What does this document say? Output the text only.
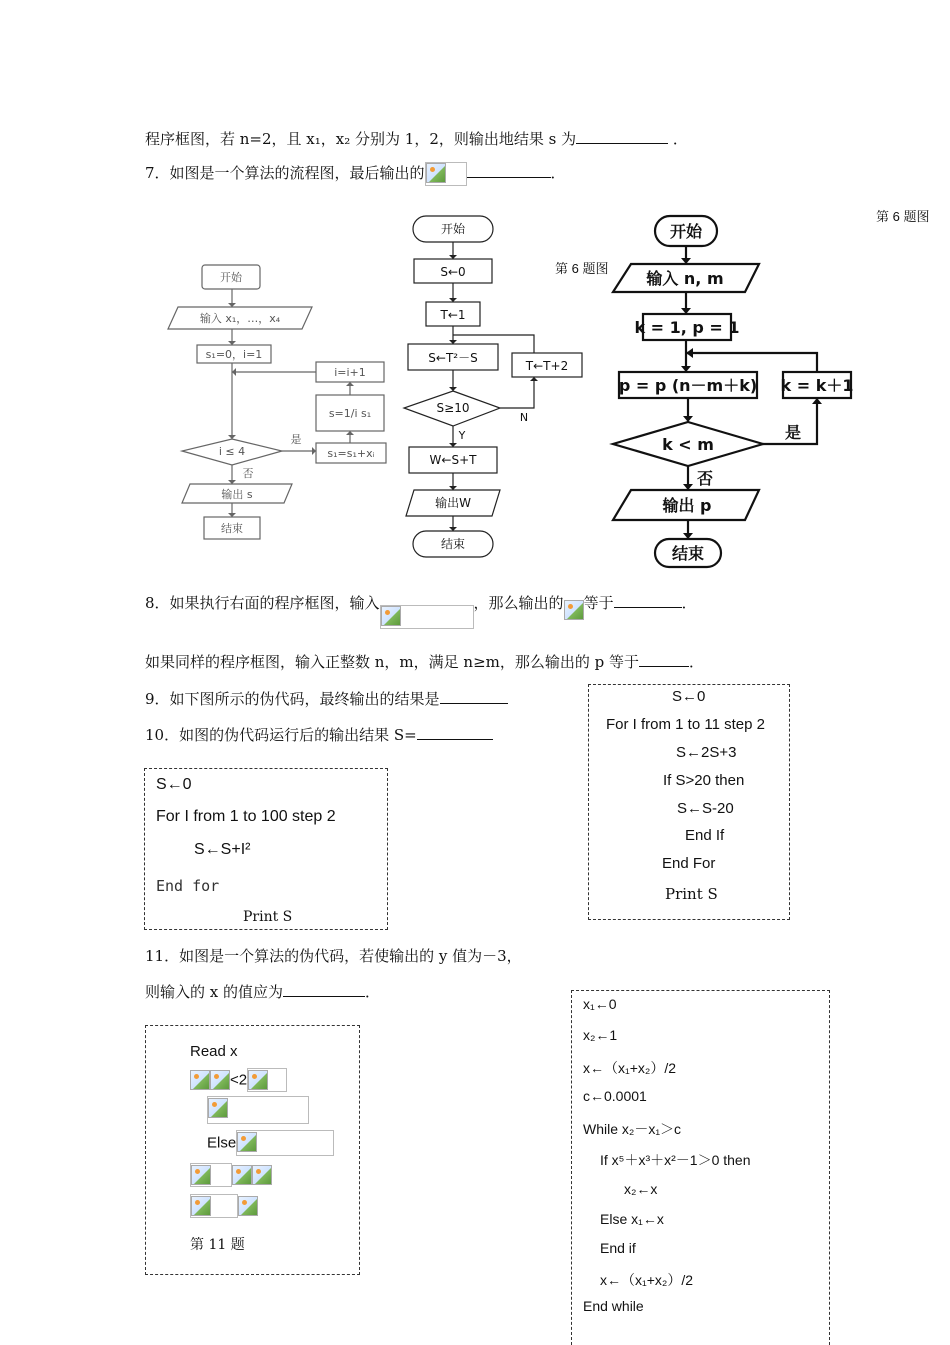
程序框图，若 n=2，且 x₁，x₂ 分别为 1，2，则输出地结果 s 为	．
7．如图是一个算法的流程图，最后输出的	．
第 6 题图
开始
输入 x₁，…，x₄
s₁=0，i=1
i ≤ 4
是
否
输出 s
结束
i=i+1
s=1/i s₁
s₁=s₁+xᵢ
开始
S←0
T←1
S←T²－S
S≥10
T←T+2
Y
N
W←S+T
输出W
结束
第 6 题图
开始
输入 n, m
k = 1, p = 1
p = p (n－m＋k) k = k＋1
k < m
是
否
输出 p
结束
8．如果执行右面的程序框图，输入	，那么输出的 等于	．
如果同样的程序框图，输入正整数 n，m，满足 n≥m，那么输出的 p 等于	．
9．如下图所示的伪代码，最终输出的结果是
10．如图的伪代码运行后的输出结果 S=
S←0
For I from 1 to 11 step 2
S←2S+3
If S>20 then
S←S-20
End If
End For
Print S
S←0
For I from 1 to 100 step 2
S←S+I²
End for
Print S
11．如图是一个算法的伪代码，若使输出的 y 值为－3，
则输入的 x 的值应为	．
Read x
<2
Else
第 11 题
x₁←0
x₂←1
x←（x₁+x₂）/2
c←0.0001
While x₂－x₁＞c
If x⁵＋x³＋x²－1＞0 then
x₂←x
Else x₁←x
End if
x←（x₁+x₂）/2
End while
